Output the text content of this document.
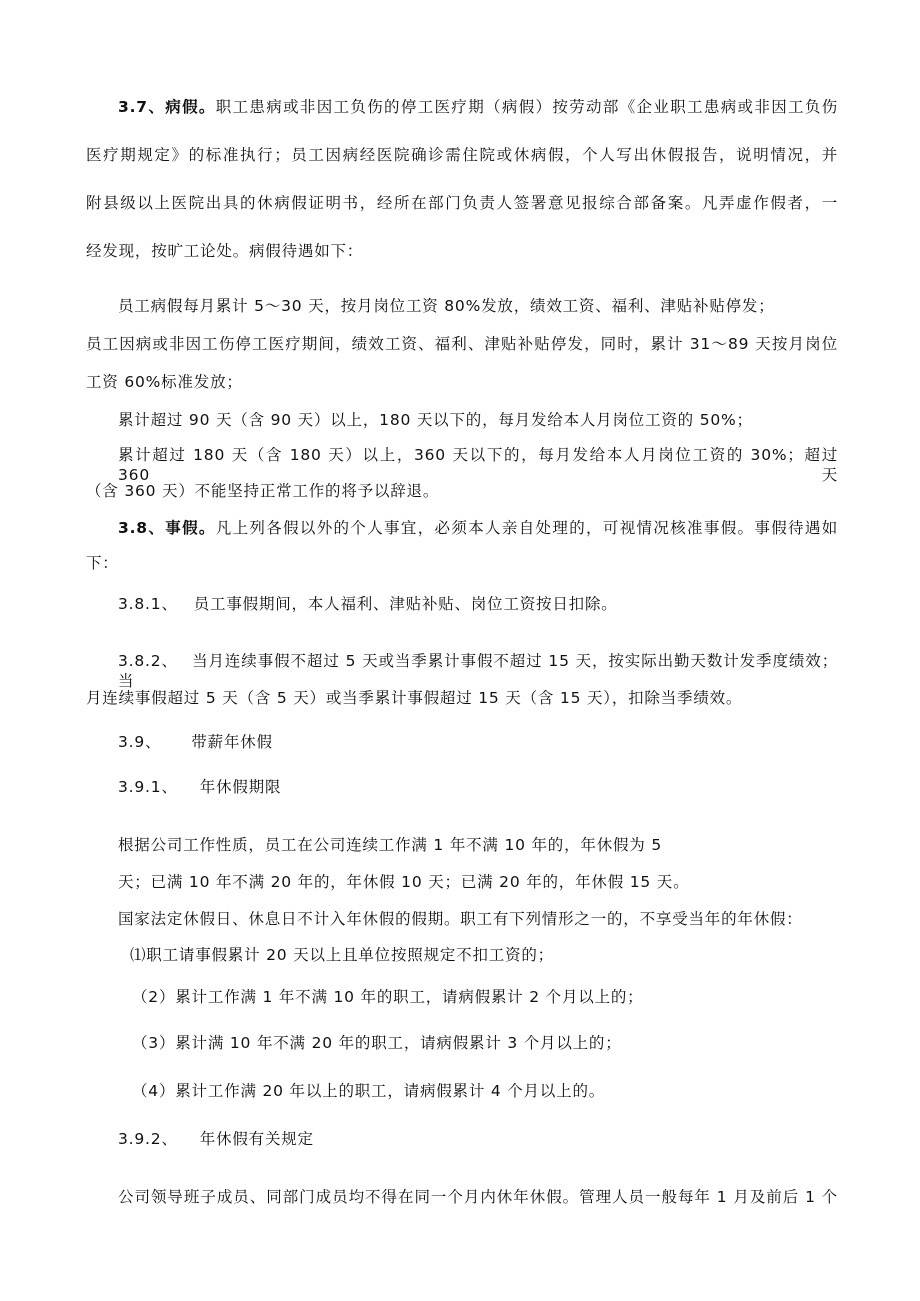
3.7、病假。职工患病或非因工负伤的停工医疗期（病假）按劳动部《企业职工患病或非因工负伤
医疗期规定》的标准执行；员工因病经医院确诊需住院或休病假，个人写出休假报告，说明情况，并
附县级以上医院出具的休病假证明书，经所在部门负责人签署意见报综合部备案。凡弄虚作假者，一
经发现，按旷工论处。病假待遇如下：
员工病假每月累计 5～30 天，按月岗位工资 80%发放，绩效工资、福利、津贴补贴停发；
员工因病或非因工伤停工医疗期间，绩效工资、福利、津贴补贴停发，同时，累计 31～89 天按月岗位
工资 60%标准发放；
累计超过 90 天（含 90 天）以上，180 天以下的，每月发给本人月岗位工资的 50%；
累计超过 180 天（含 180 天）以上，360 天以下的，每月发给本人月岗位工资的 30%；超过 360 天
（含 360 天）不能坚持正常工作的将予以辞退。
3.8、事假。凡上列各假以外的个人事宜，必须本人亲自处理的，可视情况核准事假。事假待遇如
下：
3.8.1、 员工事假期间，本人福利、津贴补贴、岗位工资按日扣除。
3.8.2、 当月连续事假不超过 5 天或当季累计事假不超过 15 天，按实际出勤天数计发季度绩效；当
月连续事假超过 5 天（含 5 天）或当季累计事假超过 15 天（含 15 天），扣除当季绩效。
3.9、 带薪年休假
3.9.1、 年休假期限
根据公司工作性质，员工在公司连续工作满 1 年不满 10 年的，年休假为 5
天；已满 10 年不满 20 年的，年休假 10 天；已满 20 年的，年休假 15 天。
国家法定休假日、休息日不计入年休假的假期。职工有下列情形之一的，不享受当年的年休假：
⑴职工请事假累计 20 天以上且单位按照规定不扣工资的；
（2）累计工作满 1 年不满 10 年的职工，请病假累计 2 个月以上的；
（3）累计满 10 年不满 20 年的职工，请病假累计 3 个月以上的；
（4）累计工作满 20 年以上的职工，请病假累计 4 个月以上的。
3.9.2、 年休假有关规定
公司领导班子成员、同部门成员均不得在同一个月内休年休假。管理人员一般每年 1 月及前后 1 个
